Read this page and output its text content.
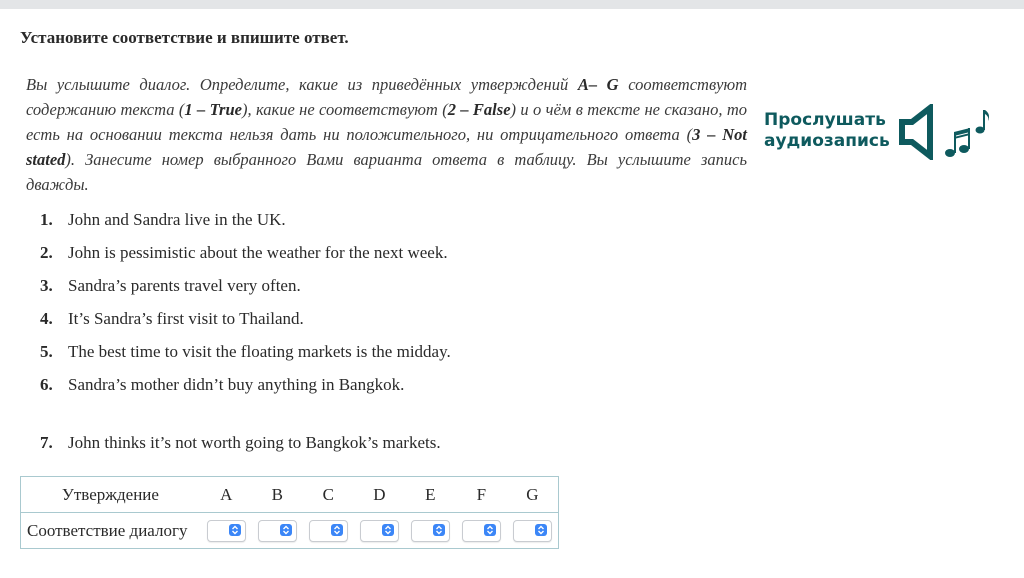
Установите соответствие и впишите ответ.
Вы услышите диалог. Определите, какие из приведённых утверждений A– G соответствуют содержанию текста (1 – True), какие не соответствуют (2 – False) и о чём в тексте не сказано, то есть на основании текста нельзя дать ни положительного, ни отрицательного ответа (3 – Not stated). Занесите номер выбранного Вами варианта ответа в таблицу. Вы услышите запись дважды.
Прослушать
аудиозапись
1. John and Sandra live in the UK.
2. John is pessimistic about the weather for the next week.
3. Sandra’s parents travel very often.
4. It’s Sandra’s first visit to Thailand.
5. The best time to visit the floating markets is the midday.
6. Sandra’s mother didn’t buy anything in Bangkok.
7. John thinks it’s not worth going to Bangkok’s markets.
Утверждение	A	B	C	D	E	F	G
Соответствие диалогу	
